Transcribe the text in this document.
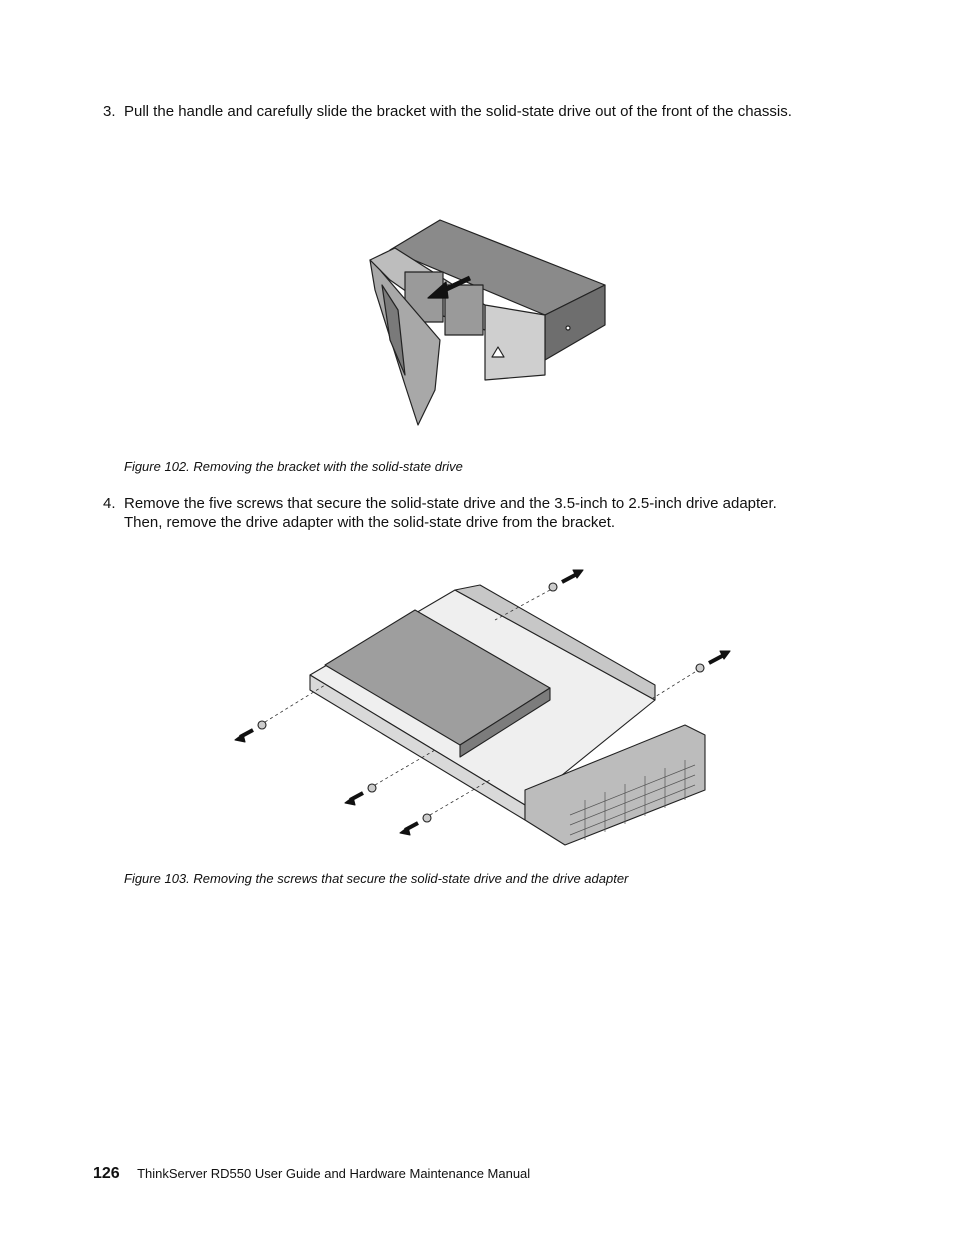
3. Pull the handle and carefully slide the bracket with the solid-state drive out of the front of the chassis.
Figure 102. Removing the bracket with the solid-state drive
4. Remove the five screws that secure the solid-state drive and the 3.5-inch to 2.5-inch drive adapter.
Then, remove the drive adapter with the solid-state drive from the bracket.
Figure 103. Removing the screws that secure the solid-state drive and the drive adapter
126 ThinkServer RD550 User Guide and Hardware Maintenance Manual
